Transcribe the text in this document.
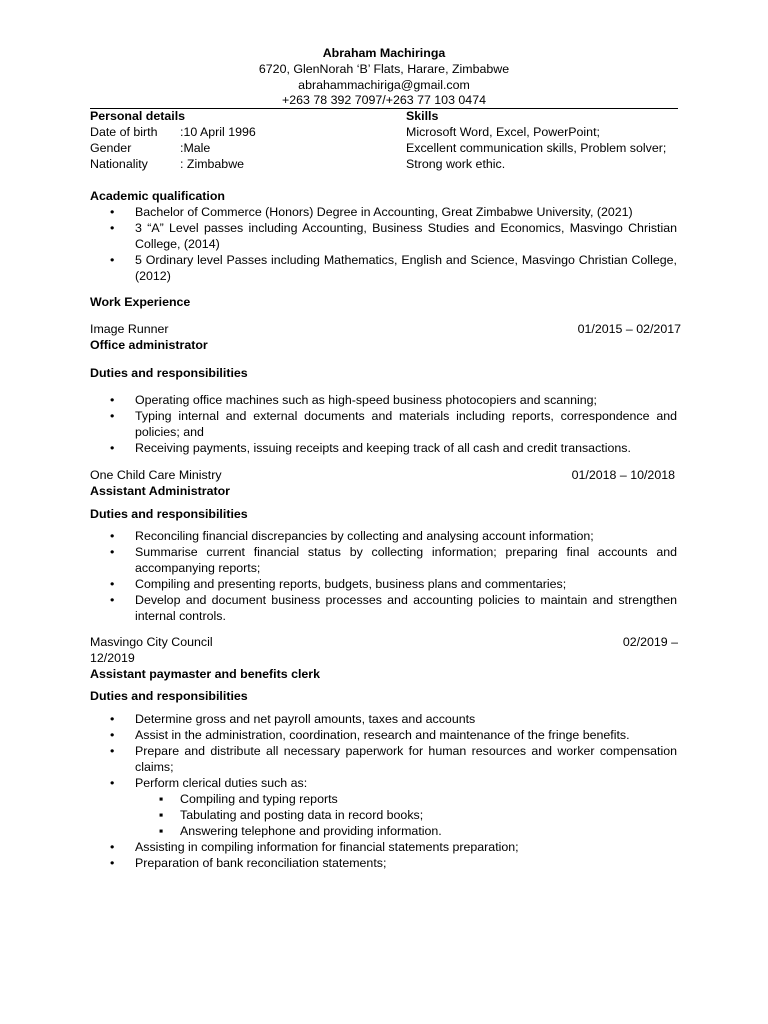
Abraham Machiringa
6720, GlenNorah ‘B’ Flats, Harare, Zimbabwe
abrahammachiriga@gmail.com
+263 78 392 7097/+263 77 103 0474
Personal details
Date of birth :10 April 1996
Gender	:Male
Nationality	: Zimbabwe
Skills
Microsoft Word, Excel, PowerPoint;
Excellent communication skills, Problem solver;
Strong work ethic.
Academic qualification
• Bachelor of Commerce (Honors) Degree in Accounting, Great Zimbabwe University, (2021)
• 3 “A” Level passes including Accounting, Business Studies and Economics, Masvingo Christian College, (2014)
• 5 Ordinary level Passes including Mathematics, English and Science, Masvingo Christian College, (2012)
Work Experience
Image Runner	01/2015 – 02/2017
Office administrator
Duties and responsibilities
• Operating office machines such as high-speed business photocopiers and scanning;
• Typing internal and external documents and materials including reports, correspondence and policies; and
• Receiving payments, issuing receipts and keeping track of all cash and credit transactions.
One Child Care Ministry	01/2018 – 10/2018
Assistant Administrator
Duties and responsibilities
• Reconciling financial discrepancies by collecting and analysing account information;
• Summarise current financial status by collecting information; preparing final accounts and accompanying reports;
• Compiling and presenting reports, budgets, business plans and commentaries;
• Develop and document business processes and accounting policies to maintain and strengthen internal controls.
Masvingo City Council	02/2019 –
12/2019
Assistant paymaster and benefits clerk
Duties and responsibilities
• Determine gross and net payroll amounts, taxes and accounts
• Assist in the administration, coordination, research and maintenance of the fringe benefits.
• Prepare and distribute all necessary paperwork for human resources and worker compensation claims;
• Perform clerical duties such as:
▪ Compiling and typing reports
▪ Tabulating and posting data in record books;
▪ Answering telephone and providing information.
• Assisting in compiling information for financial statements preparation;
• Preparation of bank reconciliation statements;
